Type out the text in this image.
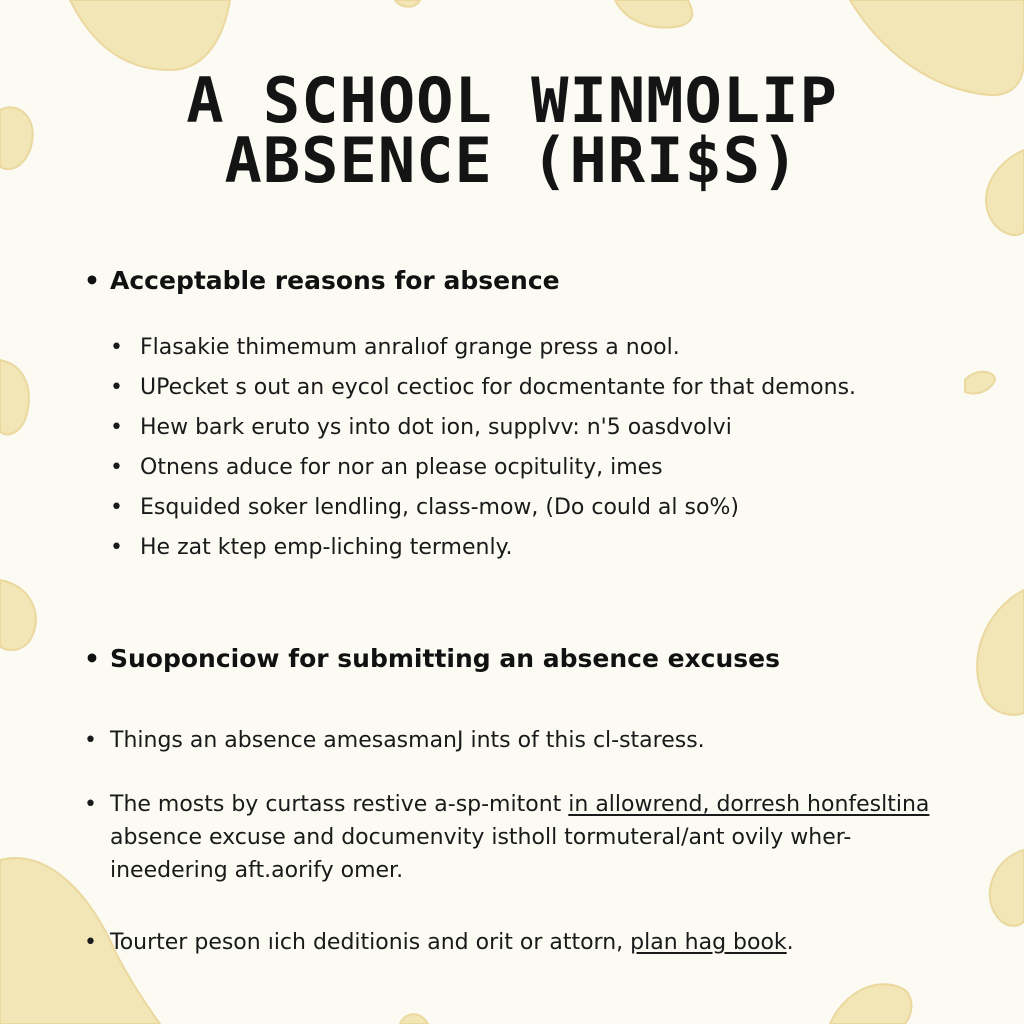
A SCHOOL WINMOLIP
ABSENCE (HRI$S)
• Acceptable reasons for absence
• Flasakie thimemum anralıof grange press a nool.
• UPecket s out an eycol cectioc for docmentante for that demons.
• Hew bark eruto ys into dot ion, supplvv: n'5 oasdvolvi
• Otnens aduce for nor an please ocpitulity, imes
• Esquided soker lendling, class-mow, (Do could al so%)
• He zat ktep emp-liching termenly.
• Suoponciow for submitting an absence excuses
• Things an absence amesasmanJ ints of this cl-staress.
• The mosts by curtass restive a-sp-mitont in allowrend, dorresh honfesltina absence excuse and documenvity istholl tormuteral/ant ovily wher-ineedering aft.aorify omer.
• Tourter peson ıi̇ch deditionis and orit or attorn, plan hag book.
